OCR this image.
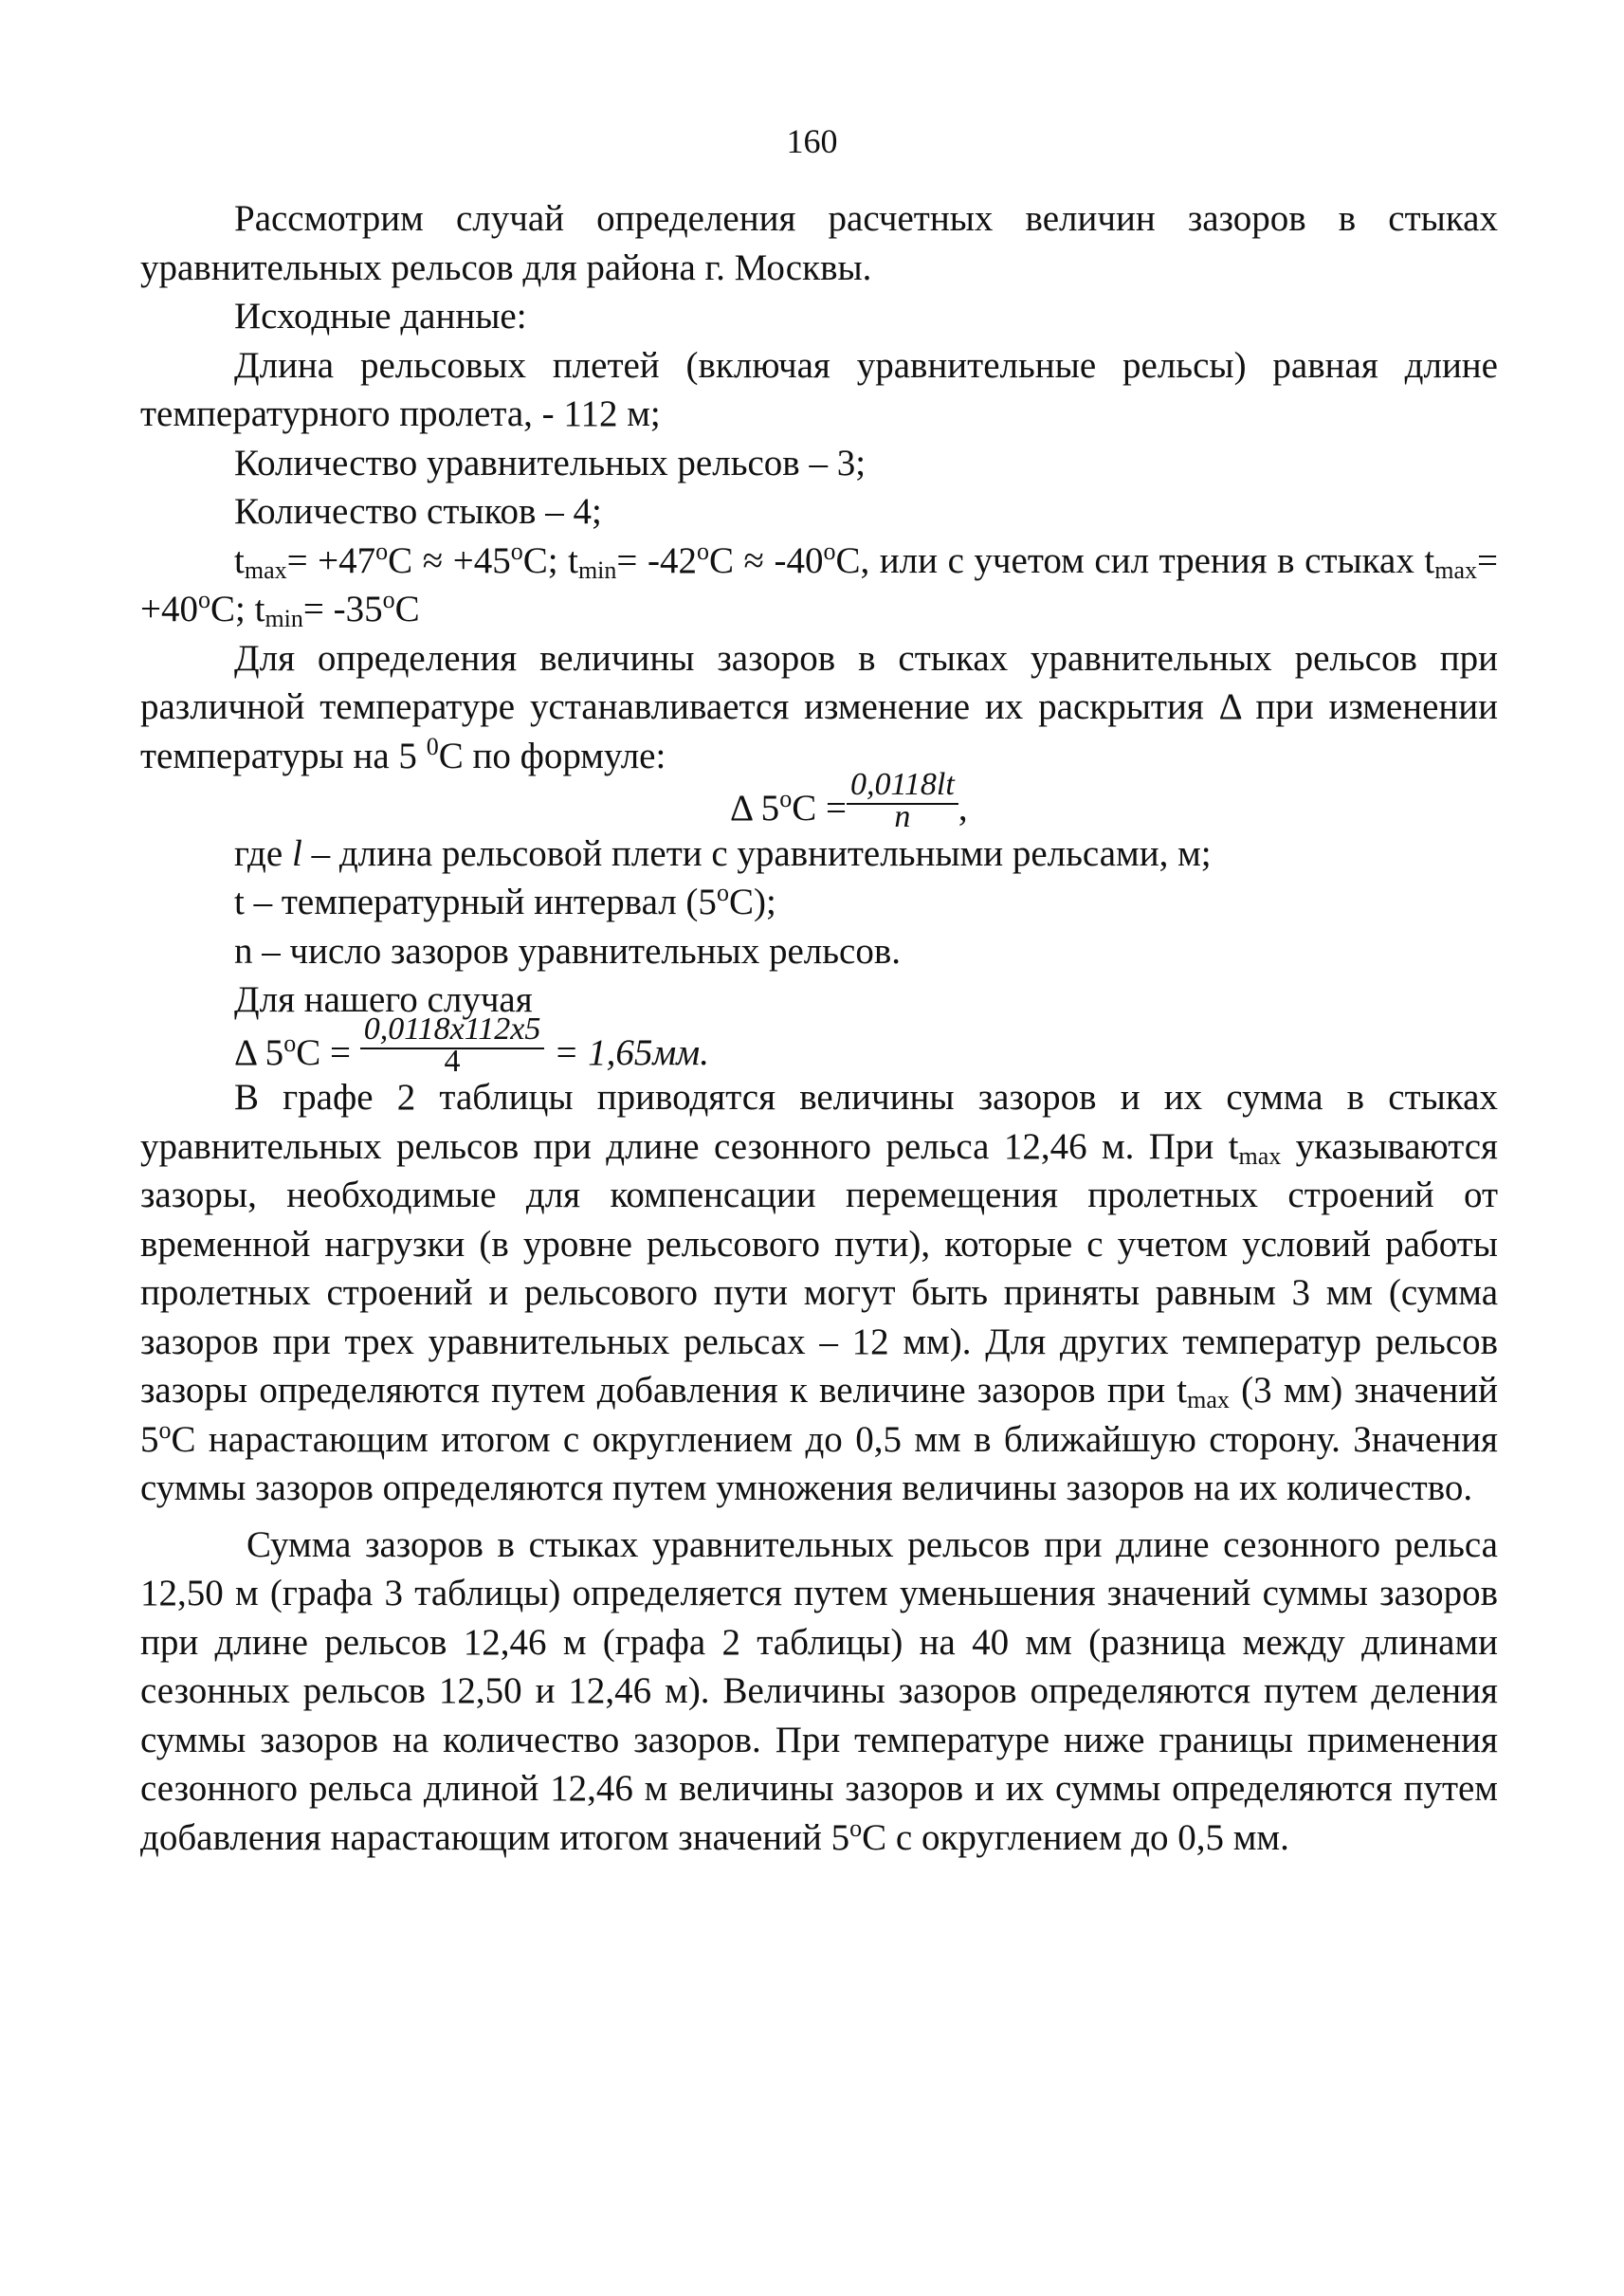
160

Рассмотрим случай определения расчетных величин зазоров в стыках уравнительных рельсов для района г. Москвы.

Исходные данные:

Длина рельсовых плетей (включая уравнительные рельсы) равная длине температурного пролета, - 112 м;

Количество уравнительных рельсов – 3;

Количество стыков – 4;

$t_{max}= +47^oC \approx +45^oC$; $t_{min}= -42^oC \approx -40^oC$, или с учетом сил трения в стыках $t_{max}= +40^oC$; $t_{min}= -35^oC$

Для определения величины зазоров в стыках уравнительных рельсов при различной температуре устанавливается изменение их раскрытия Δ при изменении температуры на 5 $^0$С по формуле:

Δ $5^оС = \frac{0,0118lt}{n}$ ,

где l – длина рельсовой плети с уравнительными рельсами, м;

t – температурный интервал $(5^оС)$;

n – число зазоров уравнительных рельсов.

Для нашего случая

Δ $5^оС = \frac{0,0118х112х5}{4} = 1,65мм$.

В графе 2 таблицы приводятся величины зазоров и их сумма в стыках уравнительных рельсов при длине сезонного рельса 12,46 м. При $t_{max}$ указываются зазоры, необходимые для компенсации перемещения пролетных строений от временной нагрузки (в уровне рельсового пути), которые с учетом условий работы пролетных строений и рельсового пути могут быть приняты равным 3 мм (сумма зазоров при трех уравнительных рельсах – 12 мм). Для других температур рельсов зазоры определяются путем добавления к величине зазоров при $t_{max}$ (3 мм) значений $5^оС$ нарастающим итогом с округлением до 0,5 мм в ближайшую сторону. Значения суммы зазоров определяются путем умножения величины зазоров на их количество.

Сумма зазоров в стыках уравнительных рельсов при длине сезонного рельса 12,50 м (графа 3 таблицы) определяется путем уменьшения значений суммы зазоров при длине рельсов 12,46 м (графа 2 таблицы) на 40 мм (разница между длинами сезонных рельсов 12,50 и 12,46 м). Величины зазоров определяются путем деления суммы зазоров на количество зазоров. При температуре ниже границы применения сезонного рельса длиной 12,46 м величины зазоров и их суммы определяются путем добавления нарастающим итогом значений $5^оС$ с округлением до 0,5 мм.
